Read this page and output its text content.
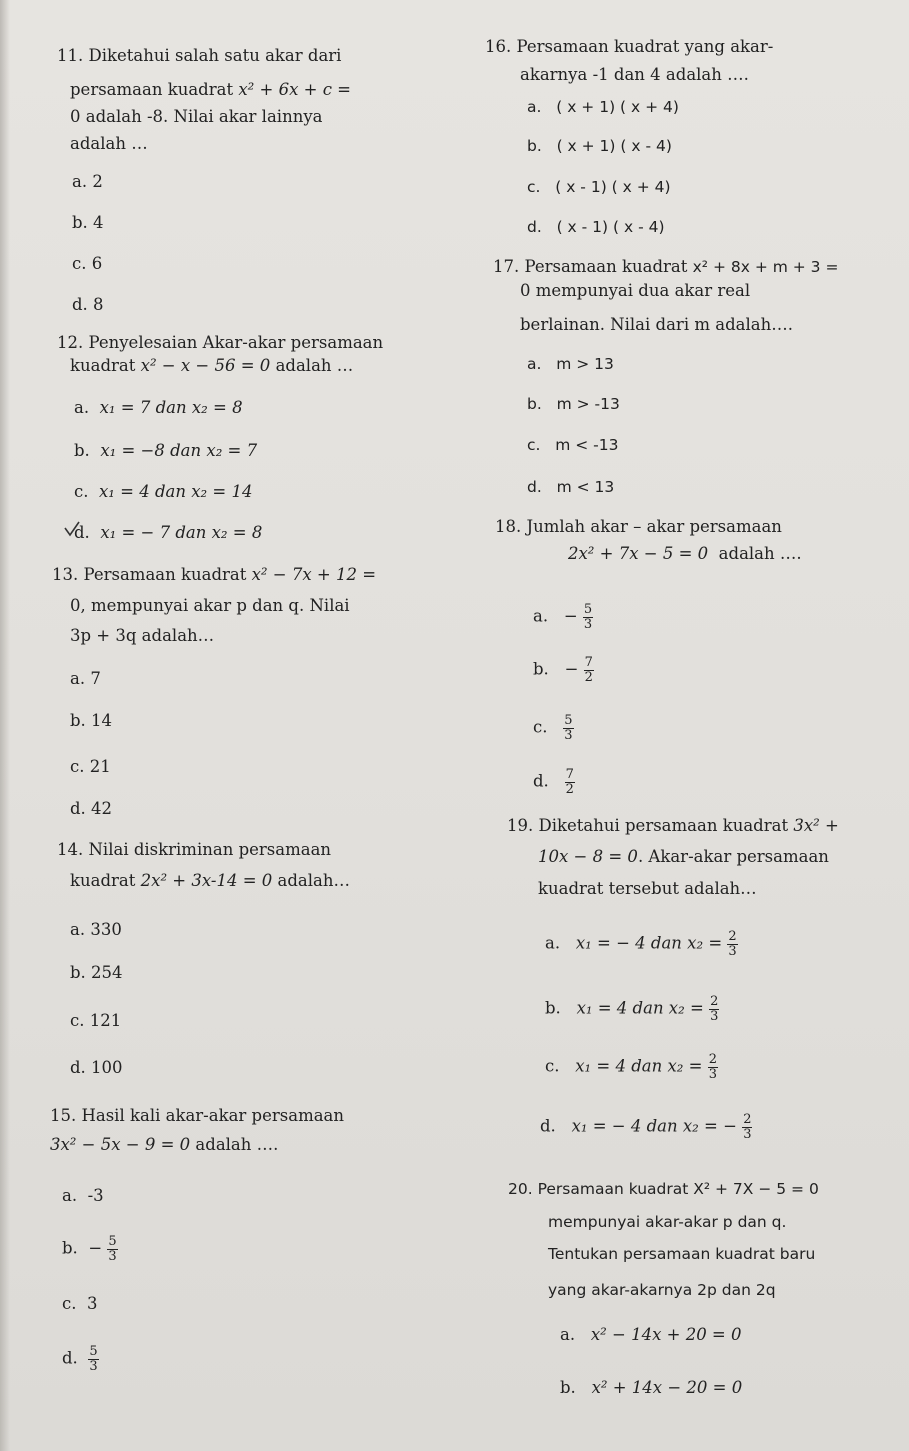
11. Diketahui salah satu akar dari
persamaan kuadrat x² + 6x + c =
0 adalah -8. Nilai akar lainnya
adalah …
a. 2
b. 4
c. 6
d. 8
12. Penyelesaian Akar-akar persamaan
kuadrat x² − x − 56 = 0 adalah …
a. x₁ = 7 dan x₂ = 8
b. x₁ = −8 dan x₂ = 7
c. x₁ = 4 dan x₂ = 14
d. x₁ = − 7 dan x₂ = 8
13. Persamaan kuadrat x² − 7x + 12 =
0, mempunyai akar p dan q. Nilai
3p + 3q adalah…
a. 7
b. 14
c. 21
d. 42
14. Nilai diskriminan persamaan
kuadrat 2x² + 3x-14 = 0 adalah…
a. 330
b. 254
c. 121
d. 100
15. Hasil kali akar-akar persamaan
3x² − 5x − 9 = 0 adalah ….
a. -3
b. − $\frac{5}{3}$
c. 3
d. $\frac{5}{3}$
16. Persamaan kuadrat yang akar-
akarnya -1 dan 4 adalah ….
a. ( x + 1) ( x + 4)
b. ( x + 1) ( x - 4)
c. ( x - 1) ( x + 4)
d. ( x - 1) ( x - 4)
17. Persamaan kuadrat x² + 8x + m + 3 =
0 mempunyai dua akar real
berlainan. Nilai dari m adalah….
a. m > 13
b. m > -13
c. m < -13
d. m < 13
18. Jumlah akar – akar persamaan
2x² + 7x − 5 = 0 adalah ….
a. − $\frac{5}{3}$
b. − $\frac{7}{2}$
c. $\frac{5}{3}$
d. $\frac{7}{2}$
19. Diketahui persamaan kuadrat 3x² +
10x − 8 = 0. Akar-akar persamaan
kuadrat tersebut adalah…
a. x₁ = − 4 dan $x_2 = \frac{2}{3}$
b. x₁ = 4 dan $x_2 = \frac{2}{3}$
c. x₁ = 4 dan $x_2 = \frac{2}{3}$
d. x₁ = − 4 dan x₂ = − $\frac{2}{3}$
20. Persamaan kuadrat X² + 7X − 5 = 0
mempunyai akar-akar p dan q.
Tentukan persamaan kuadrat baru
yang akar-akarnya 2p dan 2q
a. x² − 14x + 20 = 0
b. x² + 14x − 20 = 0
